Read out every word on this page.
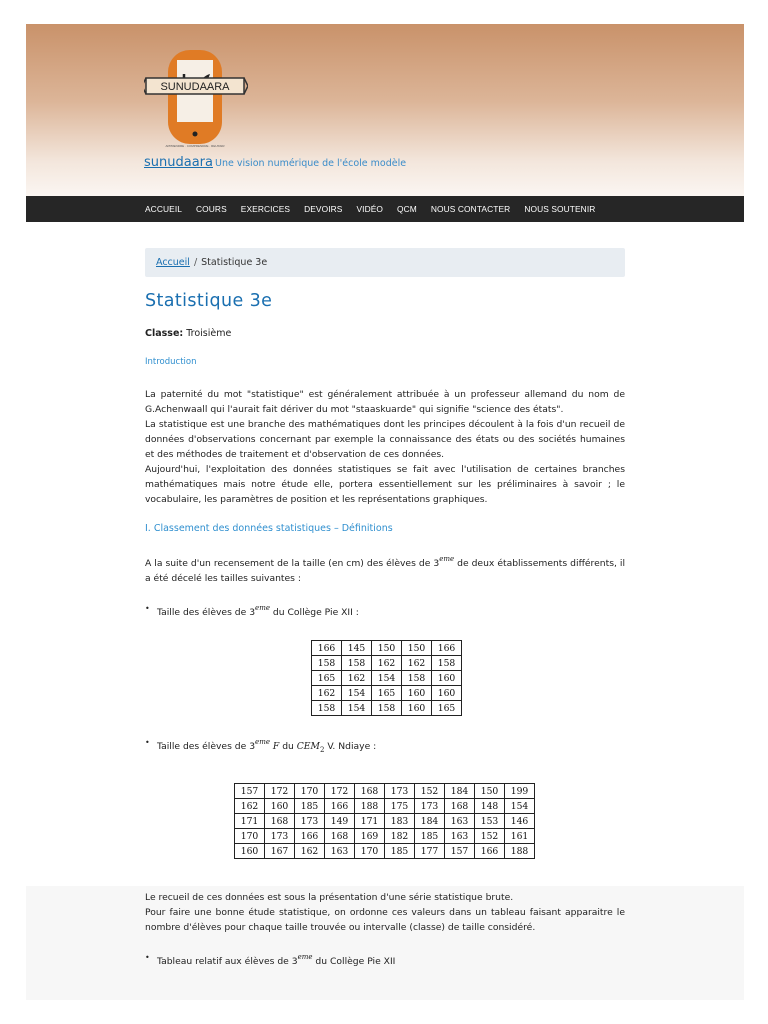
SUNUDAARA
APPRENDRE · COMPRENDRE · REUSSIR
sunudaara Une vision numérique de l'école modèle
ACCUEIL COURS EXERCICES DEVOIRS VIDÉO QCM NOUS CONTACTER NOUS SOUTENIR
Accueil / Statistique 3e
Statistique 3e
Classe: Troisième
Introduction

La paternité du mot "statistique" est généralement attribuée à un professeur allemand du nom de G.Achenwaall qui l'aurait fait dériver du mot "staaskuarde" qui signifie "science des états".
La statistique est une branche des mathématiques dont les principes découlent à la fois d'un recueil de données d'observations concernant par exemple la connaissance des états ou des sociétés humaines et des méthodes de traitement et d'observation de ces données.
Aujourd'hui, l'exploitation des données statistiques se fait avec l'utilisation de certaines branches mathématiques mais notre étude elle, portera essentiellement sur les préliminaires à savoir ; le vocabulaire, les paramètres de position et les représentations graphiques.

I. Classement des données statistiques – Définitions
A la suite d'un recensement de la taille (en cm) des élèves de 3eme de deux établissements différents, il a été décelé les tailles suivantes :
• Taille des élèves de 3eme du Collège Pie XII :
166	145	150	150	166
158	158	162	162	158
165	162	154	158	160
162	154	165	160	160
158	154	158	160	165
• Taille des élèves de 3eme F du $CEM_2$ V. Ndiaye :
157	172	170	172	168	173	152	184	150	199
162	160	185	166	188	175	173	168	148	154
171	168	173	149	171	183	184	163	153	146
170	173	166	168	169	182	185	163	152	161
160	167	162	163	170	185	177	157	166	188

Le recueil de ces données est sous la présentation d'une série statistique brute.
Pour faire une bonne étude statistique, on ordonne ces valeurs dans un tableau faisant apparaitre le nombre d'élèves pour chaque taille trouvée ou intervalle (classe) de taille considéré.

• Tableau relatif aux élèves de 3eme du Collège Pie XII
